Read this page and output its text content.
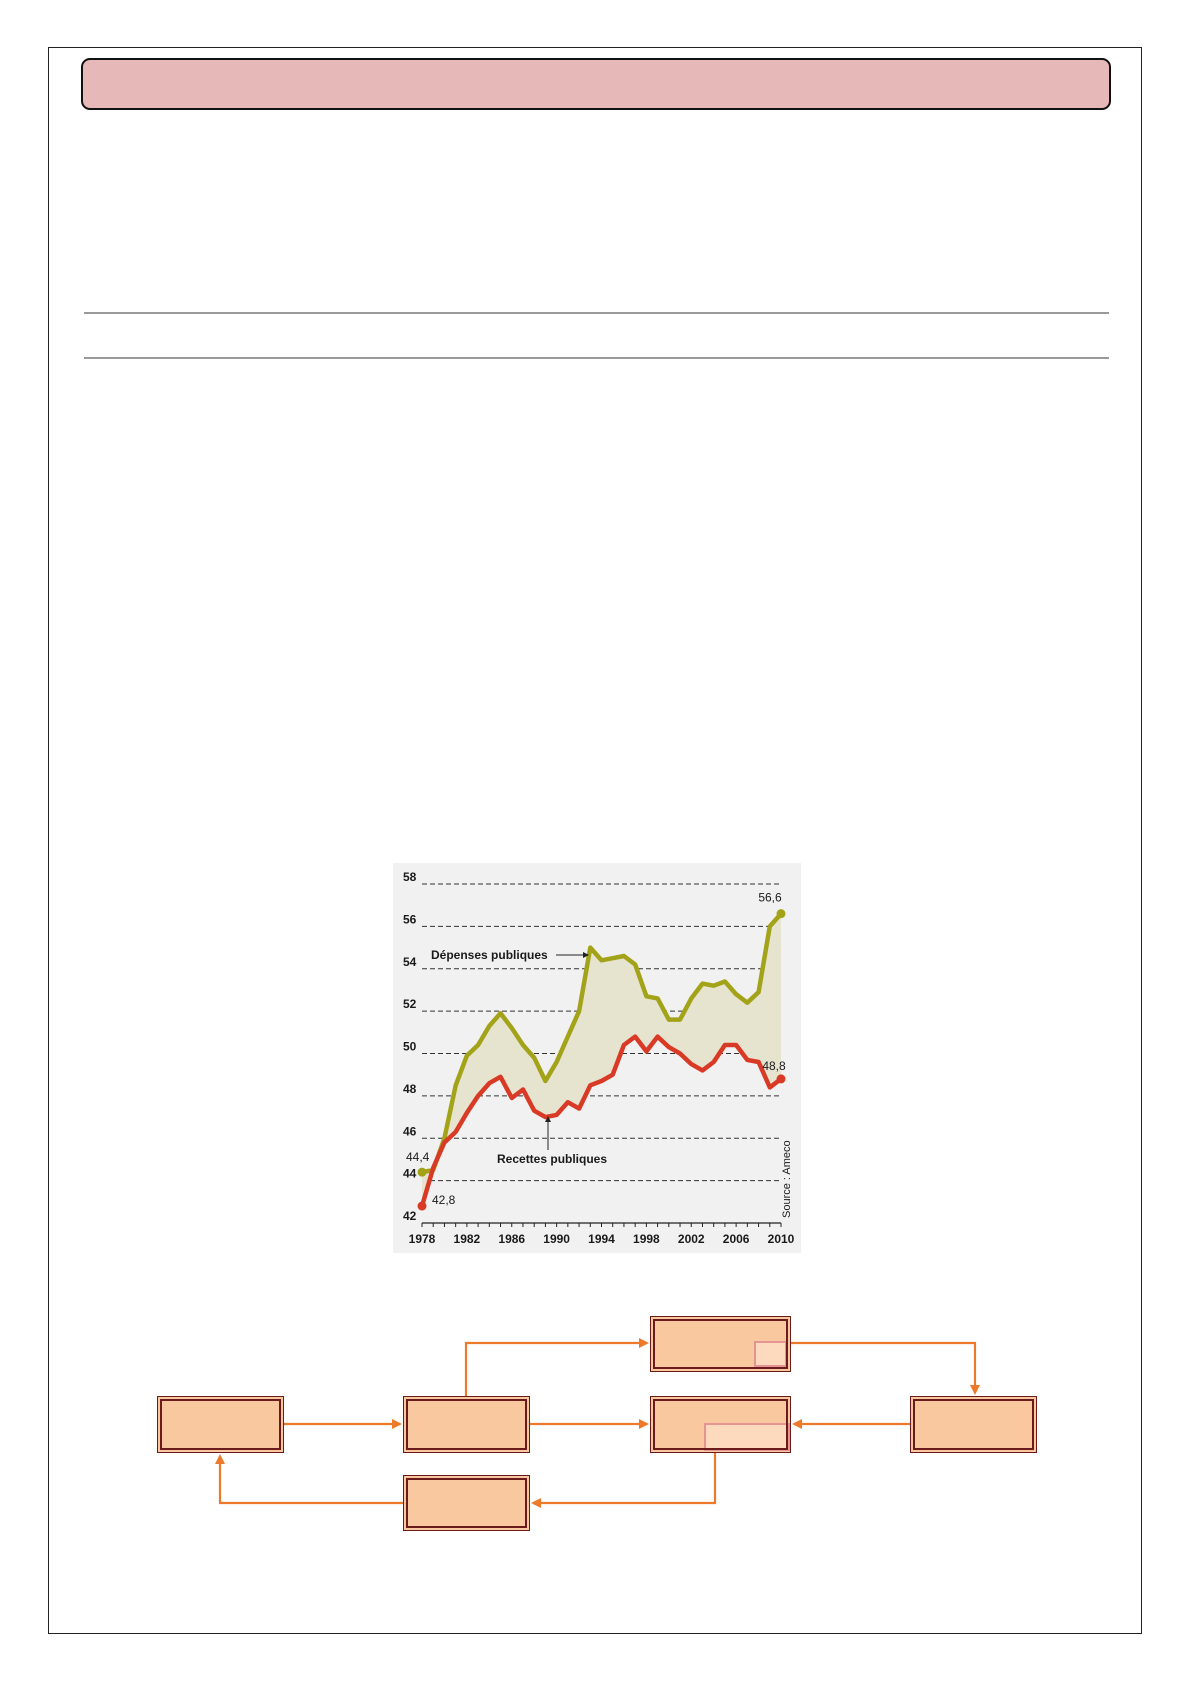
42
44
46
48
50
52
54
56
58
1978 1982 1986 1990 1994 1998 2002 2006 2010
44,4
56,6
42,8
48,8
Dépenses publiques
Recettes publiques	Source : Ameco
